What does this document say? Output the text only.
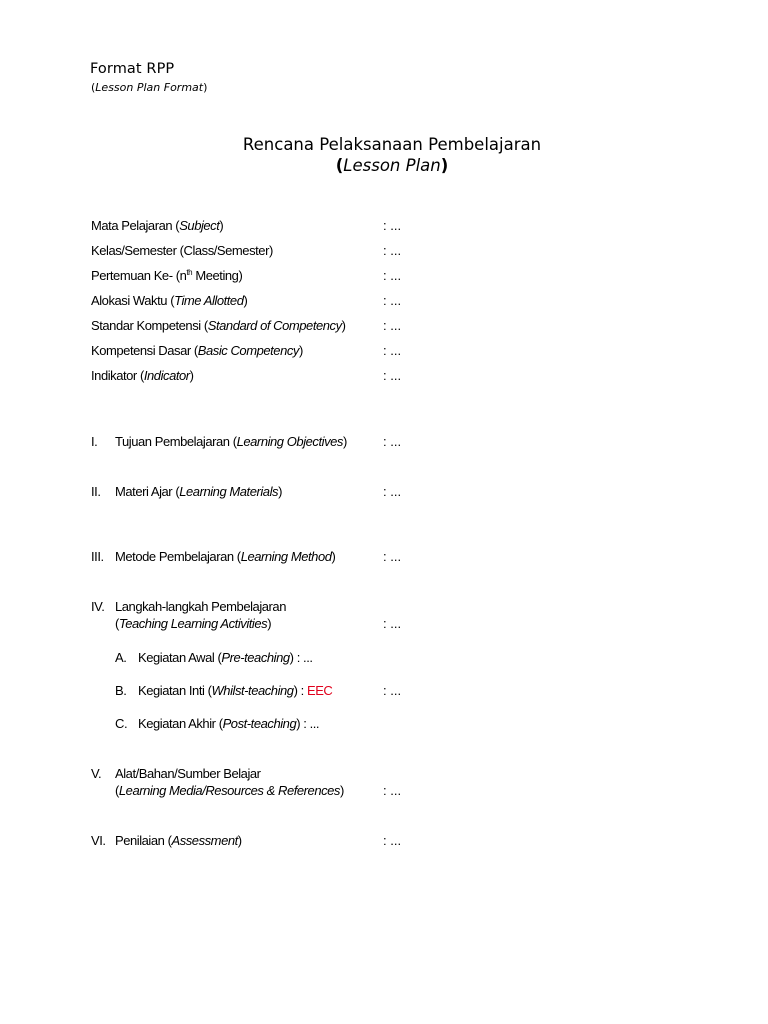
Format RPP
(Lesson Plan Format)
Rencana Pelaksanaan Pembelajaran
(Lesson Plan)
Mata Pelajaran (Subject)	: ...
Kelas/Semester (Class/Semester)	: ...
Pertemuan Ke- ($n^{th}$ Meeting)	: ...
Alokasi Waktu (Time Allotted)	: ...
Standar Kompetensi (Standard of Competency)	: ...
Kompetensi Dasar (Basic Competency)	: ...
Indikator (Indicator)	: ...
I. Tujuan Pembelajaran (Learning Objectives)	: ...
II. Materi Ajar (Learning Materials)	: ...
III. Metode Pembelajaran (Learning Method)	: ...
IV. Langkah-langkah Pembelajaran
(Teaching Learning Activities)	: ...
A. Kegiatan Awal (Pre-teaching) : ...
B. Kegiatan Inti (Whilst-teaching) : EEC	: ...
C. Kegiatan Akhir (Post-teaching) : ...
V. Alat/Bahan/Sumber Belajar
(Learning Media/Resources & References)	: ...
VI. Penilaian (Assessment)	: ...
